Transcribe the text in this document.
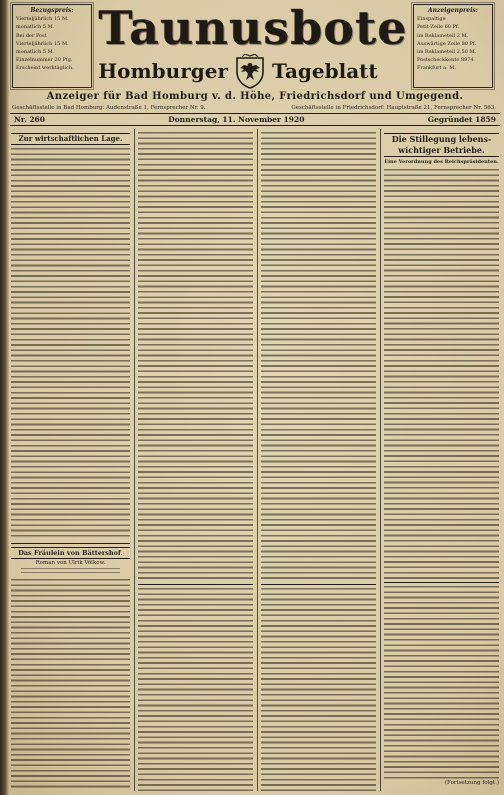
Bezugspreis:
Vierteljährlich 15 M.
monatlich 5 M.
Bei der Post
Vierteljährlich 15 M.
monatlich 5 M.
Einzelnummer 20 Pfg.
Erscheint werktäglich.
Taunusbote
Homburger Tageblatt
Anzeigenpreis:
Einspaltige
Petit-Zeile 60 Pf.
im Reklameteil 2 M.
Auswärtige Zeile 80 Pf.
im Reklameteil 2.50 M.
Postscheckkonto 8974
Frankfurt a. M.
Anzeiger für Bad Homburg v. d. Höhe, Friedrichsdorf und Umgegend.
Geschäftsstelle in Bad Homburg: Audenstraße 1, Fernsprecher Nr. 9.	Geschäftsstelle in Friedrichsdorf: Hauptstraße 21, Fernsprecher Nr. 563.
Nr. 260	Donnerstag, 11. November 1920	Gegründet 1859
Zur wirtschaftlichen Lage.
Das Fräulein von Bättershof.
Roman von Ulrik Völkow.
Die Stillegung lebens-
wichtiger Betriebe.
Eine Verordnung des Reichspräsidenten.
(Fortsetzung folgt.)
